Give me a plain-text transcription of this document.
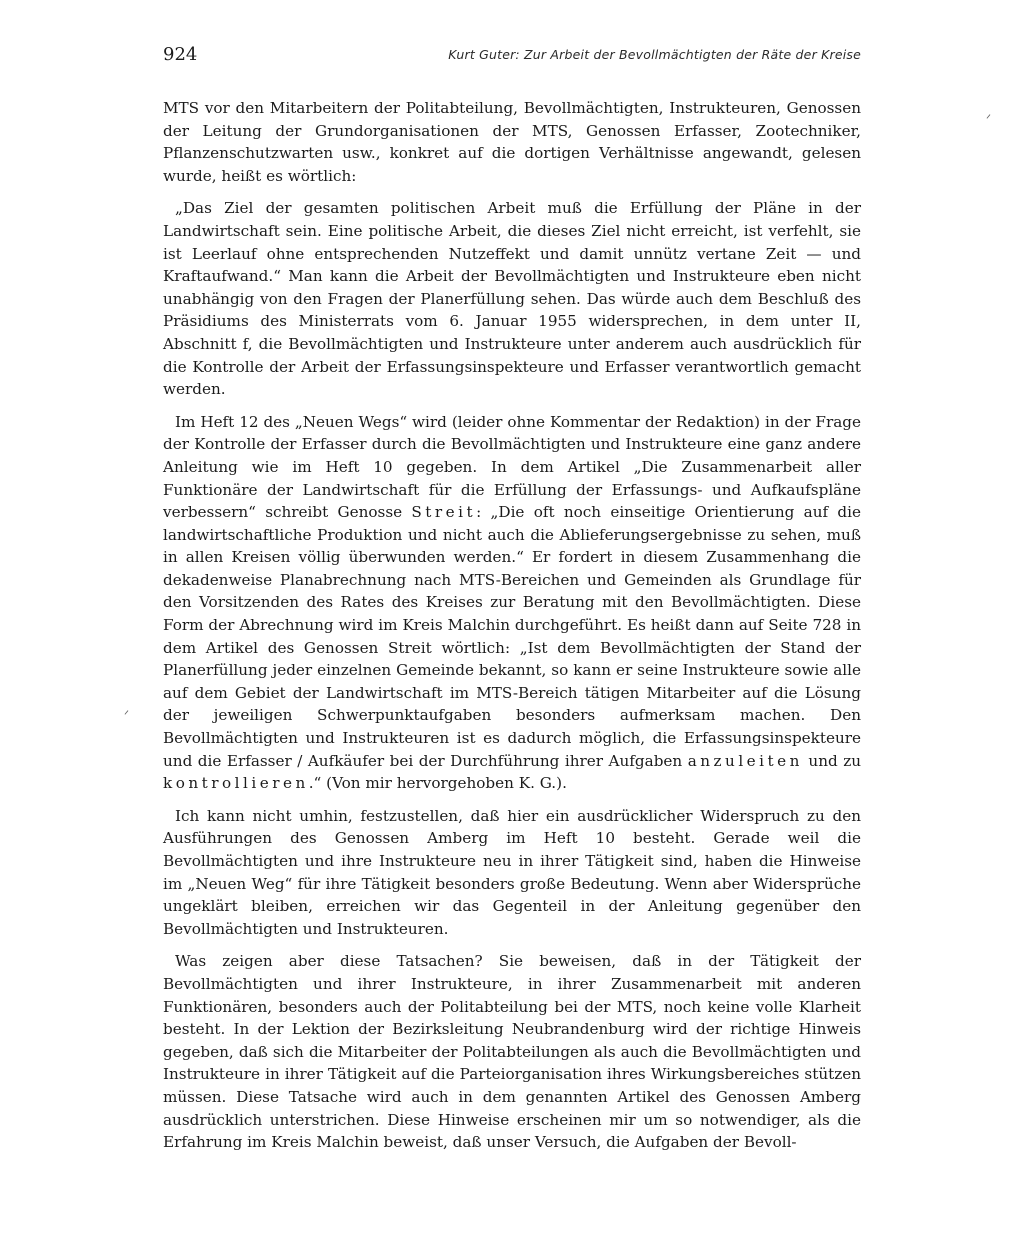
924	Kurt Guter: Zur Arbeit der Bevollmächtigten der Räte der Kreise

MTS vor den Mitarbeitern der Politabteilung, Bevollmächtigten, Instrukteuren, Genossen der Leitung der Grundorganisationen der MTS, Genossen Erfasser, Zootechniker, Pflanzenschutzwarten usw., konkret auf die dortigen Verhältnisse angewandt, gelesen wurde, heißt es wörtlich:

„Das Ziel der gesamten politischen Arbeit muß die Erfüllung der Pläne in der Landwirtschaft sein. Eine politische Arbeit, die dieses Ziel nicht erreicht, ist verfehlt, sie ist Leerlauf ohne entsprechenden Nutzeffekt und damit unnütz vertane Zeit — und Kraftaufwand.“ Man kann die Arbeit der Bevollmächtigten und Instrukteure eben nicht unabhängig von den Fragen der Planerfüllung sehen. Das würde auch dem Beschluß des Präsidiums des Ministerrats vom 6. Januar 1955 widersprechen, in dem unter II, Abschnitt f, die Bevollmächtigten und Instrukteure unter anderem auch ausdrücklich für die Kontrolle der Arbeit der Erfassungsinspekteure und Erfasser verantwortlich gemacht werden.

Im Heft 12 des „Neuen Wegs“ wird (leider ohne Kommentar der Redaktion) in der Frage der Kontrolle der Erfasser durch die Bevollmächtigten und Instrukteure eine ganz andere Anleitung wie im Heft 10 gegeben. In dem Artikel „Die Zusammenarbeit aller Funktionäre der Landwirtschaft für die Erfüllung der Erfassungs- und Aufkaufspläne verbessern“ schreibt Genosse Streit: „Die oft noch einseitige Orientierung auf die landwirtschaftliche Produktion und nicht auch die Ablieferungsergebnisse zu sehen, muß in allen Kreisen völlig überwunden werden.“ Er fordert in diesem Zusammenhang die dekadenweise Planabrechnung nach MTS-Bereichen und Gemeinden als Grundlage für den Vorsitzenden des Rates des Kreises zur Beratung mit den Bevollmächtigten. Diese Form der Abrechnung wird im Kreis Malchin durchgeführt. Es heißt dann auf Seite 728 in dem Artikel des Genossen Streit wörtlich: „Ist dem Bevollmächtigten der Stand der Planerfüllung jeder einzelnen Gemeinde bekannt, so kann er seine Instrukteure sowie alle auf dem Gebiet der Landwirtschaft im MTS-Bereich tätigen Mitarbeiter auf die Lösung der jeweiligen Schwerpunktaufgaben besonders aufmerksam machen. Den Bevollmächtigten und Instrukteuren ist es dadurch möglich, die Erfassungsinspekteure und die Erfasser / Aufkäufer bei der Durchführung ihrer Aufgaben anzuleiten und zu kontrollieren.“ (Von mir hervorgehoben K. G.).

Ich kann nicht umhin, festzustellen, daß hier ein ausdrücklicher Widerspruch zu den Ausführungen des Genossen Amberg im Heft 10 besteht. Gerade weil die Bevollmächtigten und ihre Instrukteure neu in ihrer Tätigkeit sind, haben die Hinweise im „Neuen Weg“ für ihre Tätigkeit besonders große Bedeutung. Wenn aber Widersprüche ungeklärt bleiben, erreichen wir das Gegenteil in der Anleitung gegenüber den Bevollmächtigten und Instrukteuren.

Was zeigen aber diese Tatsachen? Sie beweisen, daß in der Tätigkeit der Bevollmächtigten und ihrer Instrukteure, in ihrer Zusammenarbeit mit anderen Funktionären, besonders auch der Politabteilung bei der MTS, noch keine volle Klarheit besteht. In der Lektion der Bezirksleitung Neubrandenburg wird der richtige Hinweis gegeben, daß sich die Mitarbeiter der Politabteilungen als auch die Bevollmächtigten und Instrukteure in ihrer Tätigkeit auf die Parteiorganisation ihres Wirkungsbereiches stützen müssen. Diese Tatsache wird auch in dem genannten Artikel des Genossen Amberg ausdrücklich unterstrichen. Diese Hinweise erscheinen mir um so notwendiger, als die Erfahrung im Kreis Malchin beweist, daß unser Versuch, die Aufgaben der Bevoll-

ᐟ
ᐟ
